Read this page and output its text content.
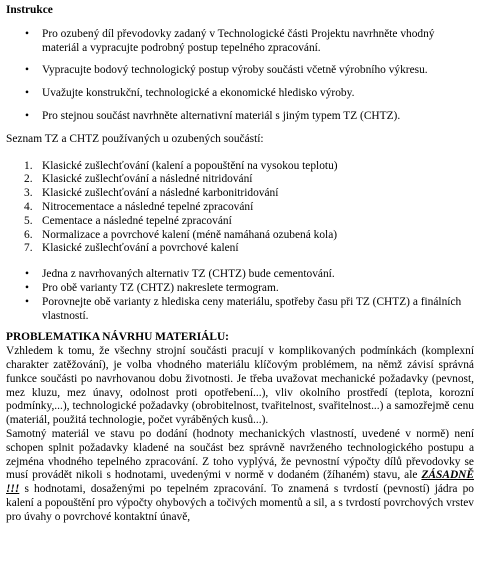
Instrukce
• Pro ozubený díl převodovky zadaný v Technologické části Projektu navrhněte vhodný materiál a vypracujte podrobný postup tepelného zpracování.
• Vypracujte bodový technologický postup výroby součásti včetně výrobního výkresu.
• Uvažujte konstrukční, technologické a ekonomické hledisko výroby.
• Pro stejnou součást navrhněte alternativní materiál s jiným typem TZ (CHTZ).
Seznam TZ a CHTZ používaných u ozubených součástí:
1. Klasické zušlechťování (kalení a popouštění na vysokou teplotu)
2. Klasické zušlechťování a následné nitridování
3. Klasické zušlechťování a následné karbonitridování
4. Nitrocementace a následné tepelné zpracování
5. Cementace a následné tepelné zpracování
6. Normalizace a povrchové kalení (méně namáhaná ozubená kola)
7. Klasické zušlechťování a povrchové kalení
• Jedna z navrhovaných alternativ TZ (CHTZ) bude cementování.
• Pro obě varianty TZ (CHTZ) nakreslete termogram.
• Porovnejte obě varianty z hlediska ceny materiálu, spotřeby času při TZ (CHTZ) a finálních vlastností.
PROBLEMATIKA NÁVRHU MATERIÁLU:

Vzhledem k tomu, že všechny strojní součásti pracují v komplikovaných podmínkách (komplexní charakter zatěžování), je volba vhodného materiálu klíčovým problémem, na němž závisí správná funkce součásti po navrhovanou dobu životnosti. Je třeba uvažovat mechanické požadavky (pevnost, mez kluzu, mez únavy, odolnost proti opotřebení...), vliv okolního prostředí (teplota, korozní podmínky,...), technologické požadavky (obrobitelnost, tvařitelnost, svařitelnost...) a samozřejmě cenu (materiál, použitá technologie, počet vyráběných kusů...).

Samotný materiál ve stavu po dodání (hodnoty mechanických vlastností, uvedené v normě) není schopen splnit požadavky kladené na součást bez správně navrženého technologického postupu a zejména vhodného tepelného zpracování. Z toho vyplývá, že pevnostní výpočty dílů převodovky se musí provádět nikoli s hodnotami, uvedenými v normě v dodaném (žíhaném) stavu, ale ZÁSADNĚ !!! s hodnotami, dosaženými po tepelném zpracování. To znamená s tvrdostí (pevností) jádra po kalení a popouštění pro výpočty ohybových a točivých momentů a sil, a s tvrdostí povrchových vrstev pro úvahy o povrchové kontaktní únavě,
